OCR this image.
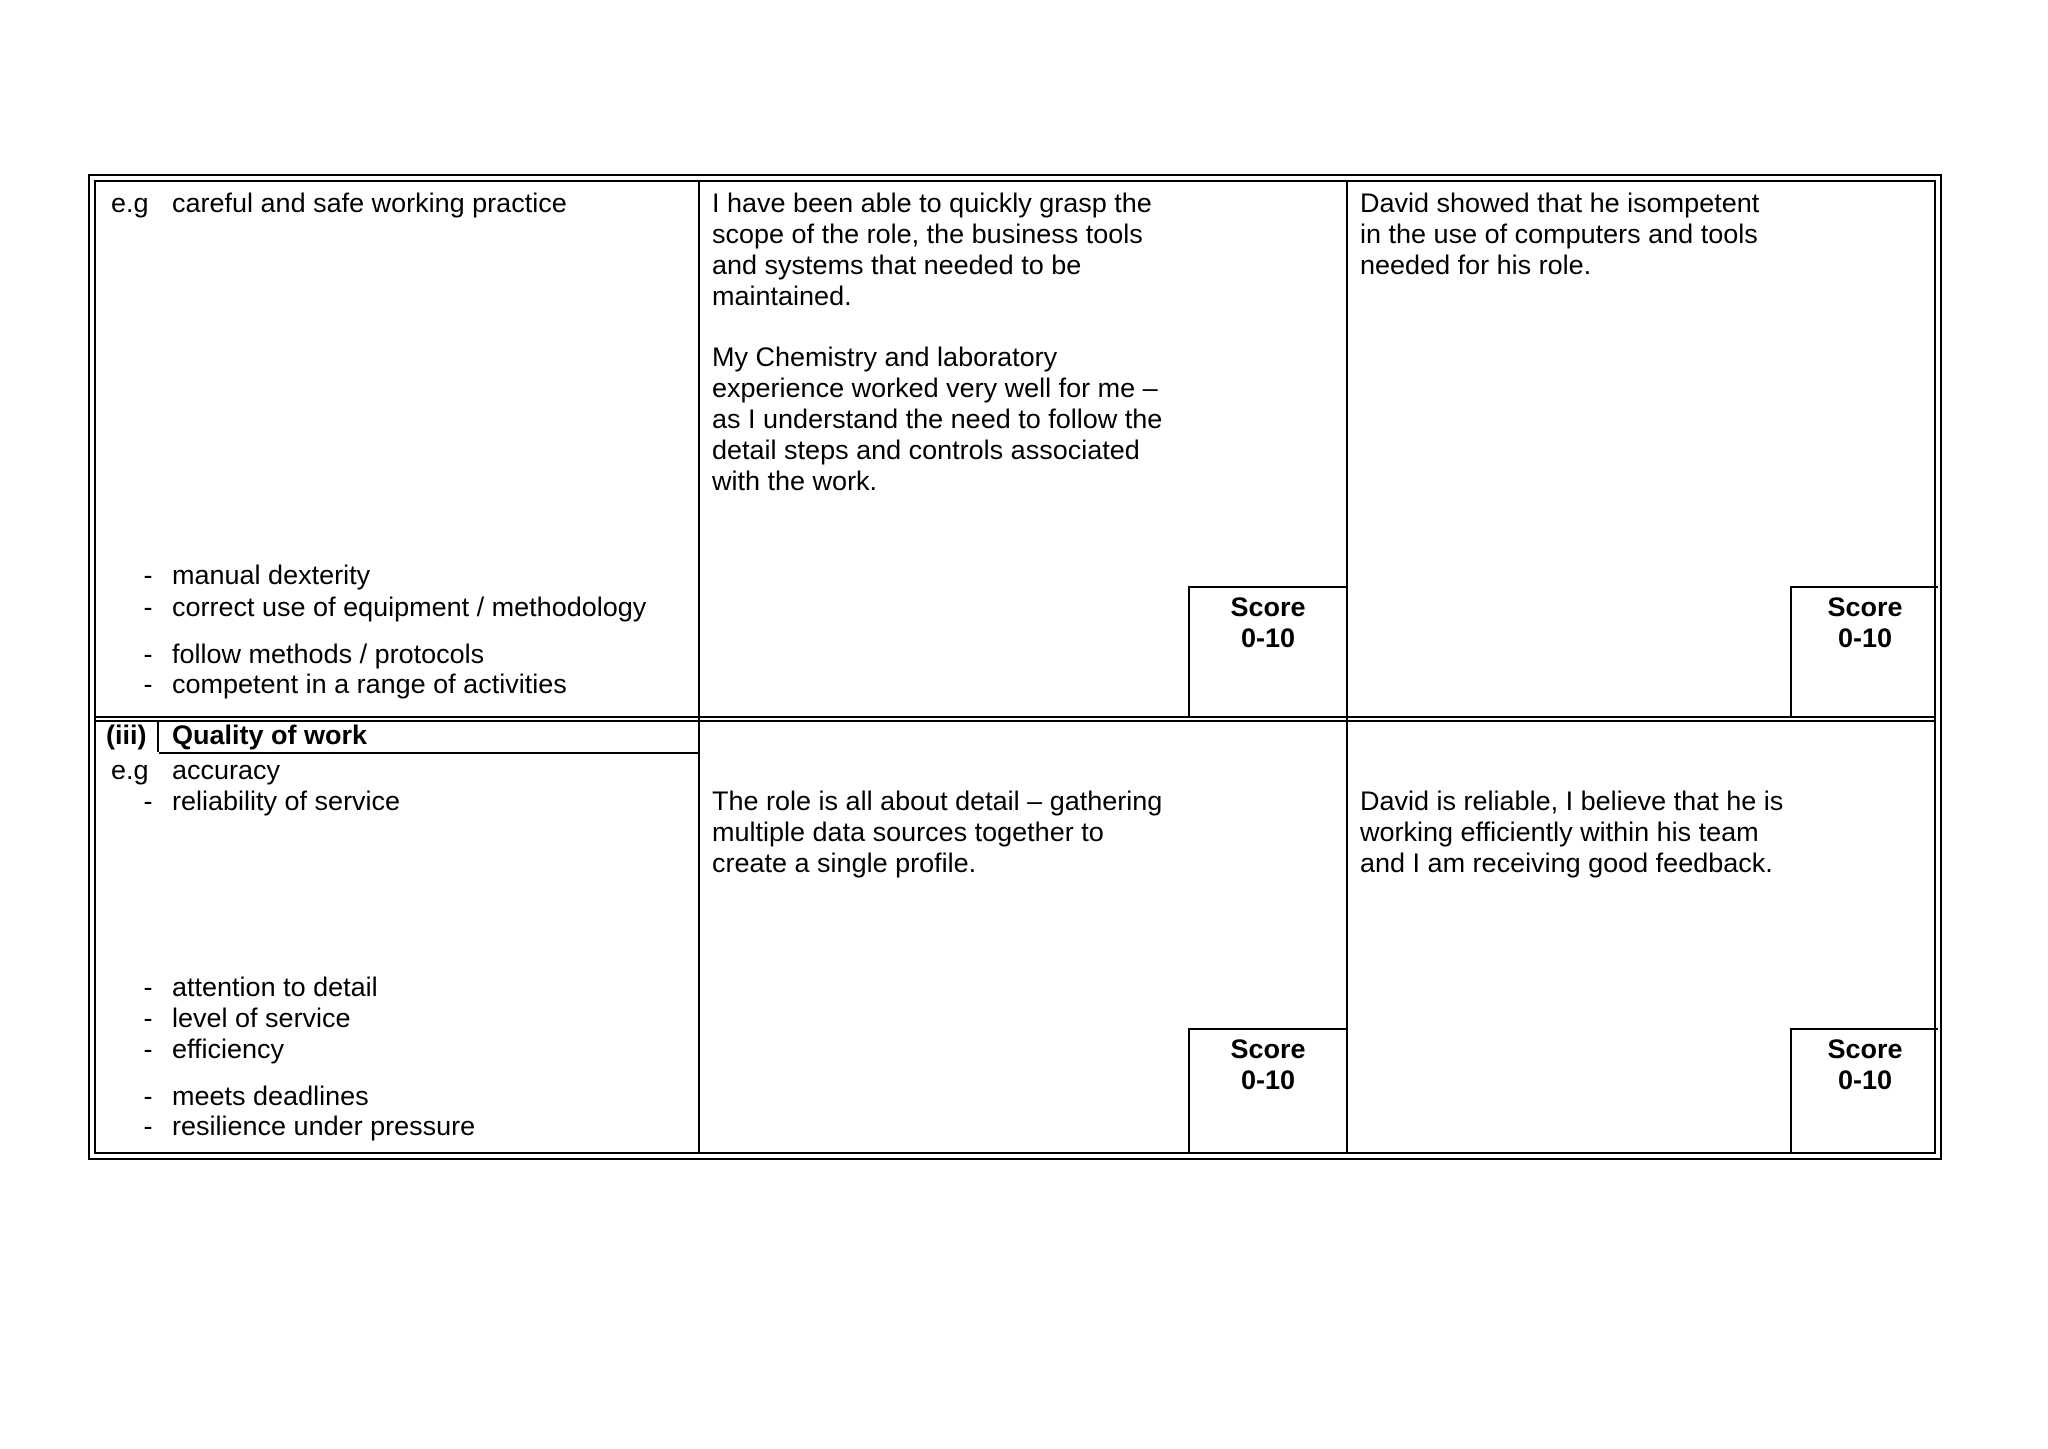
e.g careful and safe working practice
- manual dexterity
- correct use of equipment / methodology
- follow methods / protocols
- competent in a range of activities
I have been able to quickly grasp the
scope of the role, the business tools
and systems that needed to be
maintained.
My Chemistry and laboratory
experience worked very well for me –
as I understand the need to follow the
detail steps and controls associated
with the work.
David showed that he isompetent
in the use of computers and tools
needed for his role.
Score
0-10
Score
0-10
(iii) Quality of work
e.g accuracy
- reliability of service
- attention to detail
- level of service
- efficiency
- meets deadlines
- resilience under pressure
The role is all about detail – gathering
multiple data sources together to
create a single profile.
David is reliable, I believe that he is
working efficiently within his team
and I am receiving good feedback.
Score
0-10
Score
0-10
